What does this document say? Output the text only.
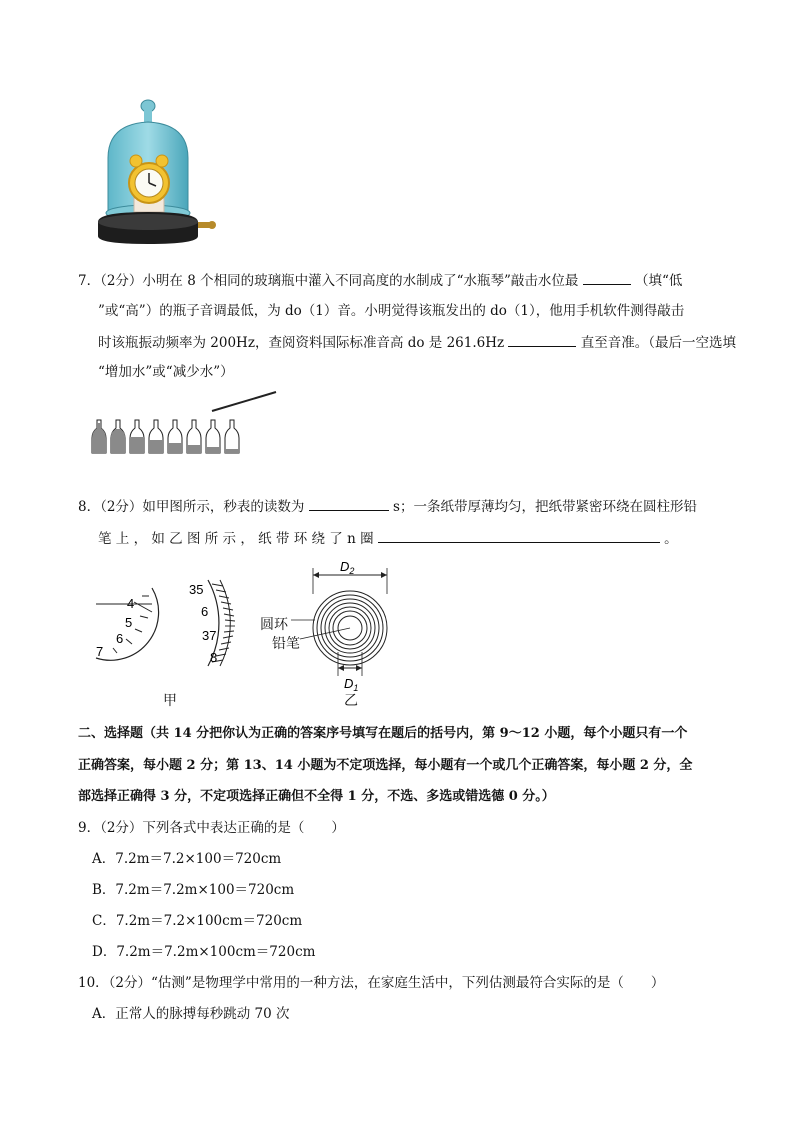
7．（2分）小明在 8 个相同的玻璃瓶中灌入不同高度的水制成了“水瓶琴”敲击水位最	（填“低
”或“高”）的瓶子音调最低，为 do（1）音。小明觉得该瓶发出的 do（1），他用手机软件测得敲击
时该瓶振动频率为 200Hz，查阅资料国际标准音高 do 是 261.6Hz	直至音准。（最后一空选填
“增加水”或“减少水”）
8．（2分）如甲图所示，秒表的读数为	s；一条纸带厚薄均匀，把纸带紧密环绕在圆柱形铅
笔 上 ， 如 乙 图 所 示 ， 纸 带 环 绕 了 n 圈	。
4
5
6
7
35
6
37
8
甲
$D_2$
$D_1$
圆环
铅笔
乙
二、选择题（共 14 分把你认为正确的答案序号填写在题后的括号内，第 9～12 小题，每个小题只有一个
正确答案，每小题 2 分；第 13、14 小题为不定项选择，每小题有一个或几个正确答案，每小题 2 分，全
部选择正确得 3 分，不定项选择正确但不全得 1 分，不选、多选或错选德 0 分。）
9．（2分）下列各式中表达正确的是（　　）
A．7.2m＝7.2×100＝720cm
B．7.2m＝7.2m×100＝720cm
C．7.2m＝7.2×100cm＝720cm
D．7.2m＝7.2m×100cm＝720cm
10．（2分）“估测”是物理学中常用的一种方法，在家庭生活中，下列估测最符合实际的是（　　）
A．正常人的脉搏每秒跳动 70 次
